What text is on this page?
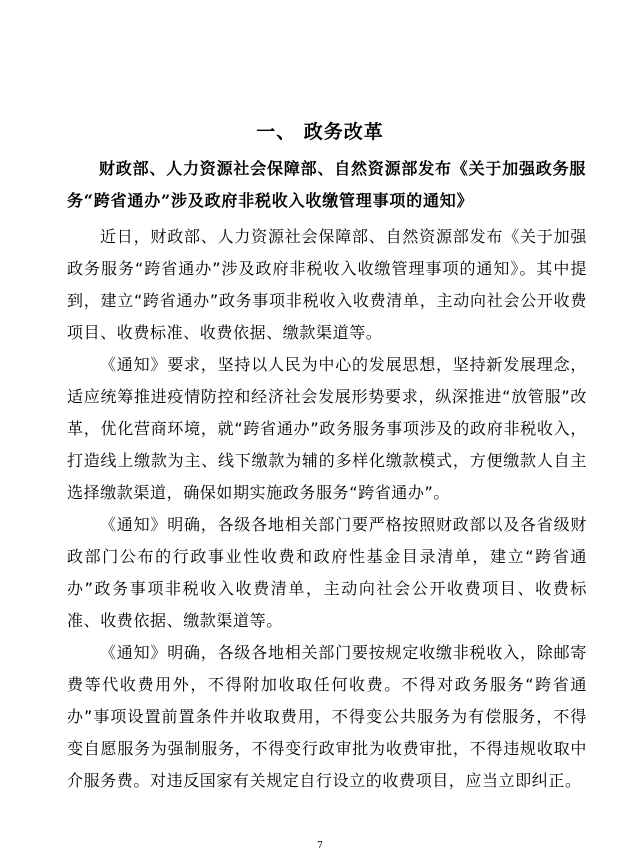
一、 政务改革
财政部、人力资源社会保障部、自然资源部发布《关于加强政务服务“跨省通办”涉及政府非税收入收缴管理事项的通知》

近日，财政部、人力资源社会保障部、自然资源部发布《关于加强政务服务“跨省通办”涉及政府非税收入收缴管理事项的通知》。其中提到，建立“跨省通办”政务事项非税收入收费清单，主动向社会公开收费项目、收费标准、收费依据、缴款渠道等。

《通知》要求，坚持以人民为中心的发展思想，坚持新发展理念，适应统筹推进疫情防控和经济社会发展形势要求，纵深推进“放管服”改革，优化营商环境，就“跨省通办”政务服务事项涉及的政府非税收入，打造线上缴款为主、线下缴款为辅的多样化缴款模式，方便缴款人自主选择缴款渠道，确保如期实施政务服务“跨省通办”。

《通知》明确，各级各地相关部门要严格按照财政部以及各省级财政部门公布的行政事业性收费和政府性基金目录清单，建立“跨省通办”政务事项非税收入收费清单，主动向社会公开收费项目、收费标准、收费依据、缴款渠道等。

《通知》明确，各级各地相关部门要按规定收缴非税收入，除邮寄费等代收费用外，不得附加收取任何收费。不得对政务服务“跨省通办”事项设置前置条件并收取费用，不得变公共服务为有偿服务，不得变自愿服务为强制服务，不得变行政审批为收费审批，不得违规收取中介服务费。对违反国家有关规定自行设立的收费项目，应当立即纠正。

7
